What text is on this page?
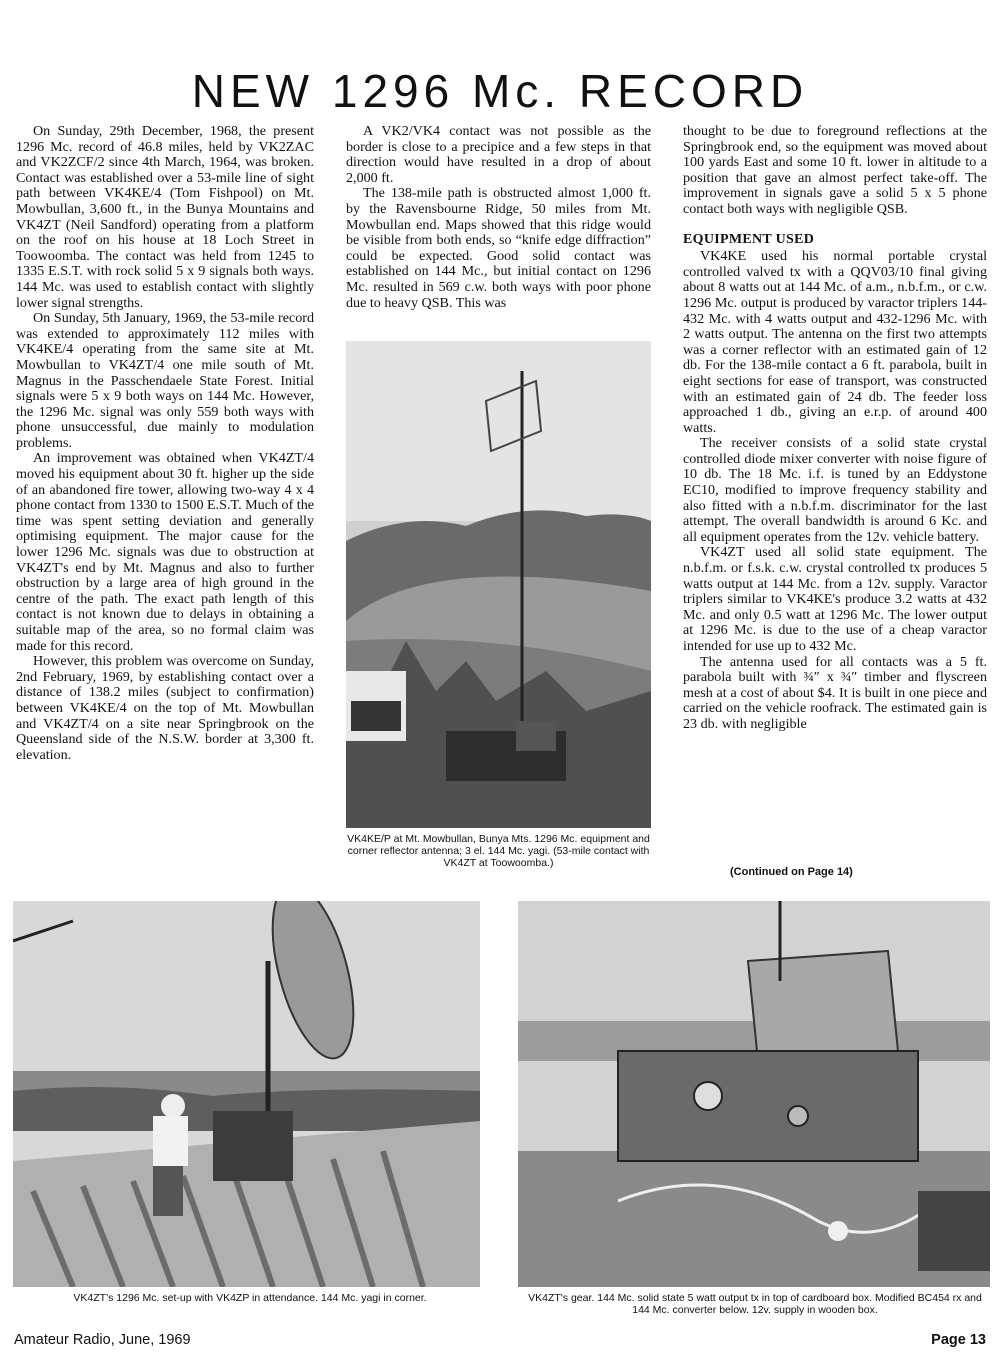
NEW 1296 Mc. RECORD

On Sunday, 29th December, 1968, the present 1296 Mc. record of 46.8 miles, held by VK2ZAC and VK2ZCF/2 since 4th March, 1964, was broken. Contact was established over a 53-mile line of sight path between VK4KE/4 (Tom Fishpool) on Mt. Mowbullan, 3,600 ft., in the Bunya Mountains and VK4ZT (Neil Sandford) operating from a platform on the roof on his house at 18 Loch Street in Toowoomba. The contact was held from 1245 to 1335 E.S.T. with rock solid 5 x 9 signals both ways. 144 Mc. was used to establish contact with slightly lower signal strengths.

On Sunday, 5th January, 1969, the 53-mile record was extended to approximately 112 miles with VK4KE/4 operating from the same site at Mt. Mowbullan to VK4ZT/4 one mile south of Mt. Magnus in the Passchendaele State Forest. Initial signals were 5 x 9 both ways on 144 Mc. However, the 1296 Mc. signal was only 559 both ways with phone unsuccessful, due mainly to modulation problems.

An improvement was obtained when VK4ZT/4 moved his equipment about 30 ft. higher up the side of an abandoned fire tower, allowing two-way 4 x 4 phone contact from 1330 to 1500 E.S.T. Much of the time was spent setting deviation and generally optimising equipment. The major cause for the lower 1296 Mc. signals was due to obstruction at VK4ZT's end by Mt. Magnus and also to further obstruction by a large area of high ground in the centre of the path. The exact path length of this contact is not known due to delays in obtaining a suitable map of the area, so no formal claim was made for this record.

However, this problem was overcome on Sunday, 2nd February, 1969, by establishing contact over a distance of 138.2 miles (subject to confirmation) between VK4KE/4 on the top of Mt. Mowbullan and VK4ZT/4 on a site near Springbrook on the Queensland side of the N.S.W. border at 3,300 ft. elevation.

A VK2/VK4 contact was not possible as the border is close to a precipice and a few steps in that direction would have resulted in a drop of about 2,000 ft.

The 138-mile path is obstructed almost 1,000 ft. by the Ravensbourne Ridge, 50 miles from Mt. Mowbullan end. Maps showed that this ridge would be visible from both ends, so “knife edge diffraction” could be expected. Good solid contact was established on 144 Mc., but initial contact on 1296 Mc. resulted in 569 c.w. both ways with poor phone due to heavy QSB. This was

thought to be due to foreground reflections at the Springbrook end, so the equipment was moved about 100 yards East and some 10 ft. lower in altitude to a position that gave an almost perfect take-off. The improvement in signals gave a solid 5 x 5 phone contact both ways with negligible QSB.

EQUIPMENT USED

VK4KE used his normal portable crystal controlled valved tx with a QQV03/10 final giving about 8 watts out at 144 Mc. of a.m., n.b.f.m., or c.w. 1296 Mc. output is produced by varactor triplers 144-432 Mc. with 4 watts output and 432-1296 Mc. with 2 watts output. The antenna on the first two attempts was a corner reflector with an estimated gain of 12 db. For the 138-mile contact a 6 ft. parabola, built in eight sections for ease of transport, was constructed with an estimated gain of 24 db. The feeder loss approached 1 db., giving an e.r.p. of around 400 watts.

The receiver consists of a solid state crystal controlled diode mixer converter with noise figure of 10 db. The 18 Mc. i.f. is tuned by an Eddystone EC10, modified to improve frequency stability and also fitted with a n.b.f.m. discriminator for the last attempt. The overall bandwidth is around 6 Kc. and all equipment operates from the 12v. vehicle battery.

VK4ZT used all solid state equipment. The n.b.f.m. or f.s.k. c.w. crystal controlled tx produces 5 watts output at 144 Mc. from a 12v. supply. Varactor triplers similar to VK4KE's produce 3.2 watts at 432 Mc. and only 0.5 watt at 1296 Mc. The lower output at 1296 Mc. is due to the use of a cheap varactor intended for use up to 432 Mc.

The antenna used for all contacts was a 5 ft. parabola built with ¾″ x ¾″ timber and flyscreen mesh at a cost of about $4. It is built in one piece and carried on the vehicle roofrack. The estimated gain is 23 db. with negligible

(Continued on Page 14)
VK4KE/P at Mt. Mowbullan, Bunya Mts. 1296 Mc. equipment and corner reflector antenna; 3 el. 144 Mc. yagi. (53-mile contact with VK4ZT at Toowoomba.)
VK4ZT's 1296 Mc. set-up with VK4ZP in attendance. 144 Mc. yagi in corner.	VK4ZT's gear. 144 Mc. solid state 5 watt output tx in top of cardboard box. Modified BC454 rx and 144 Mc. converter below. 12v. supply in wooden box.
Amateur Radio, June, 1969	Page 13
